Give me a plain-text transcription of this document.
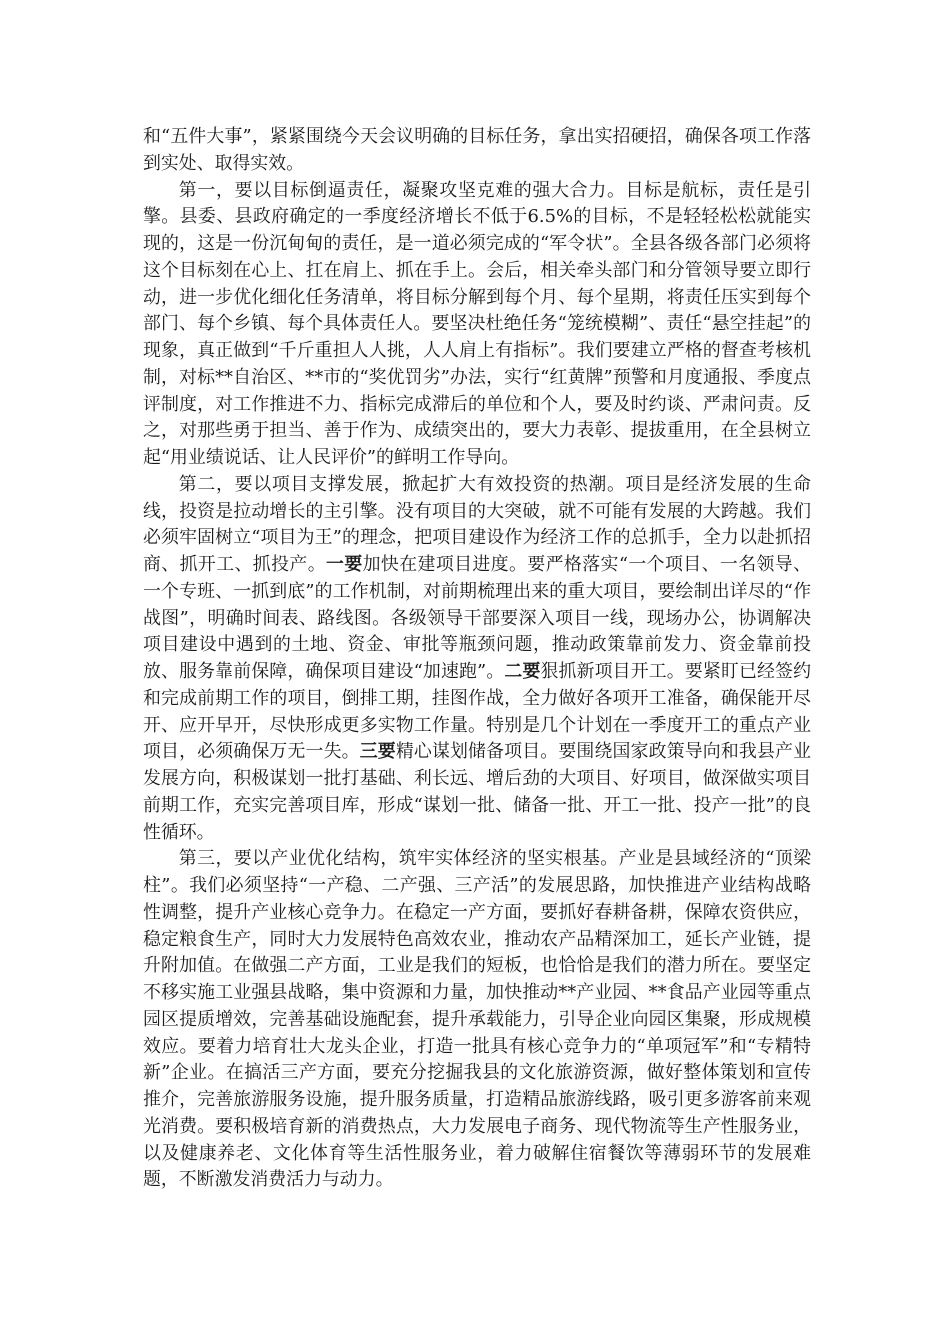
和“五件大事”，紧紧围绕今天会议明确的目标任务，拿出实招硬招，确保各项工作落到实处、取得实效。

第一，要以目标倒逼责任，凝聚攻坚克难的强大合力。目标是航标，责任是引擎。县委、县政府确定的一季度经济增长不低于6.5%的目标，不是轻轻松松就能实现的，这是一份沉甸甸的责任，是一道必须完成的“军令状”。全县各级各部门必须将这个目标刻在心上、扛在肩上、抓在手上。会后，相关牵头部门和分管领导要立即行动，进一步优化细化任务清单，将目标分解到每个月、每个星期，将责任压实到每个部门、每个乡镇、每个具体责任人。要坚决杜绝任务“笼统模糊”、责任“悬空挂起”的现象，真正做到“千斤重担人人挑，人人肩上有指标”。我们要建立严格的督查考核机制，对标**自治区、**市的“奖优罚劣”办法，实行“红黄牌”预警和月度通报、季度点评制度，对工作推进不力、指标完成滞后的单位和个人，要及时约谈、严肃问责。反之，对那些勇于担当、善于作为、成绩突出的，要大力表彰、提拔重用，在全县树立起“用业绩说话、让人民评价”的鲜明工作导向。

第二，要以项目支撑发展，掀起扩大有效投资的热潮。项目是经济发展的生命线，投资是拉动增长的主引擎。没有项目的大突破，就不可能有发展的大跨越。我们必须牢固树立“项目为王”的理念，把项目建设作为经济工作的总抓手，全力以赴抓招商、抓开工、抓投产。一要加快在建项目进度。要严格落实“一个项目、一名领导、一个专班、一抓到底”的工作机制，对前期梳理出来的重大项目，要绘制出详尽的“作战图”，明确时间表、路线图。各级领导干部要深入项目一线，现场办公，协调解决项目建设中遇到的土地、资金、审批等瓶颈问题，推动政策靠前发力、资金靠前投放、服务靠前保障，确保项目建设“加速跑”。二要狠抓新项目开工。要紧盯已经签约和完成前期工作的项目，倒排工期，挂图作战，全力做好各项开工准备，确保能开尽开、应开早开，尽快形成更多实物工作量。特别是几个计划在一季度开工的重点产业项目，必须确保万无一失。三要精心谋划储备项目。要围绕国家政策导向和我县产业发展方向，积极谋划一批打基础、利长远、增后劲的大项目、好项目，做深做实项目前期工作，充实完善项目库，形成“谋划一批、储备一批、开工一批、投产一批”的良性循环。

第三，要以产业优化结构，筑牢实体经济的坚实根基。产业是县域经济的“顶梁柱”。我们必须坚持“一产稳、二产强、三产活”的发展思路，加快推进产业结构战略性调整，提升产业核心竞争力。在稳定一产方面，要抓好春耕备耕，保障农资供应，稳定粮食生产，同时大力发展特色高效农业，推动农产品精深加工，延长产业链，提升附加值。在做强二产方面，工业是我们的短板，也恰恰是我们的潜力所在。要坚定不移实施工业强县战略，集中资源和力量，加快推动**产业园、**食品产业园等重点园区提质增效，完善基础设施配套，提升承载能力，引导企业向园区集聚，形成规模效应。要着力培育壮大龙头企业，打造一批具有核心竞争力的“单项冠军”和“专精特新”企业。在搞活三产方面，要充分挖掘我县的文化旅游资源，做好整体策划和宣传推介，完善旅游服务设施，提升服务质量，打造精品旅游线路，吸引更多游客前来观光消费。要积极培育新的消费热点，大力发展电子商务、现代物流等生产性服务业，以及健康养老、文化体育等生活性服务业，着力破解住宿餐饮等薄弱环节的发展难题，不断激发消费活力与动力。
